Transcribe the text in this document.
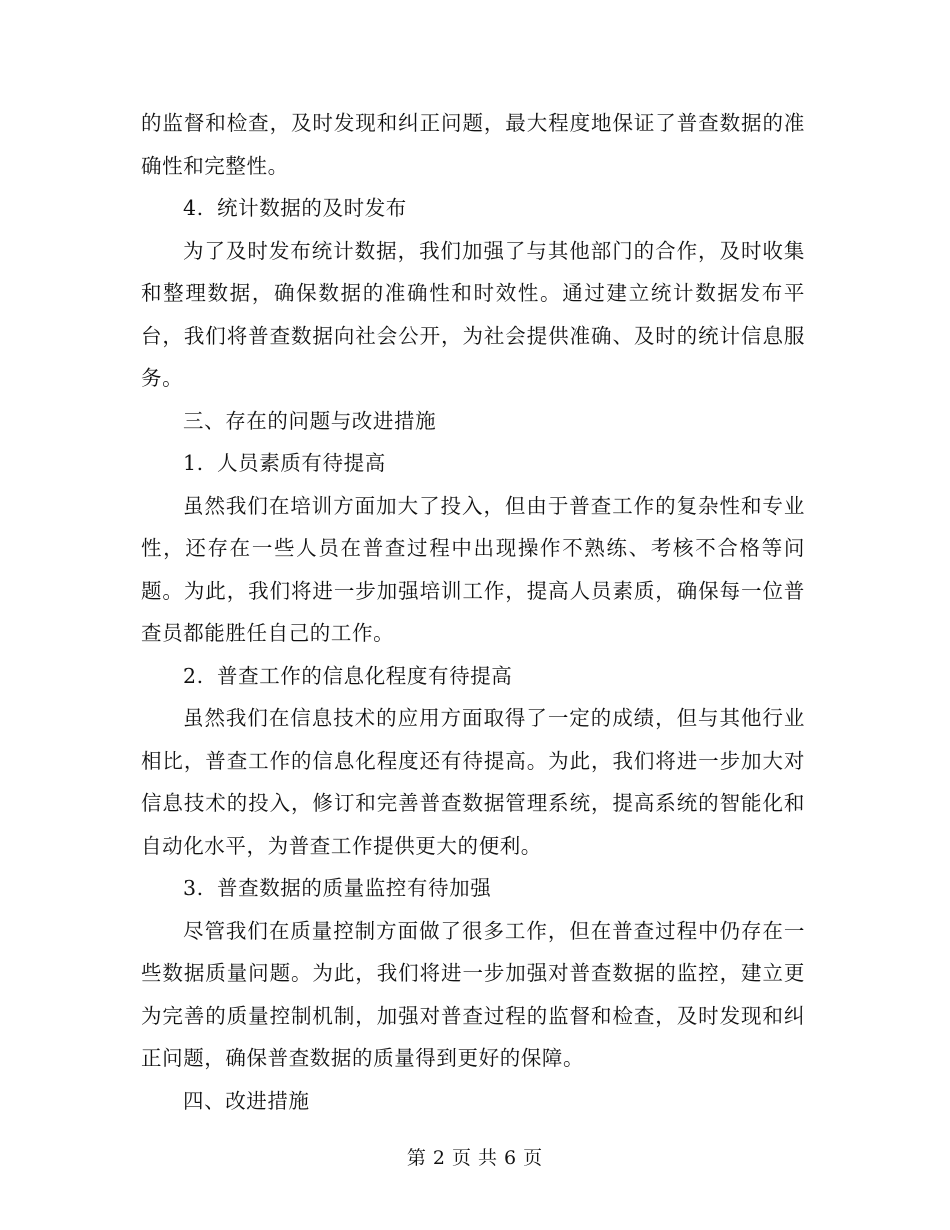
的监督和检查，及时发现和纠正问题，最大程度地保证了普查数据的准确性和完整性。

4. 统计数据的及时发布

为了及时发布统计数据，我们加强了与其他部门的合作，及时收集和整理数据，确保数据的准确性和时效性。通过建立统计数据发布平台，我们将普查数据向社会公开，为社会提供准确、及时的统计信息服务。

三、存在的问题与改进措施

1. 人员素质有待提高

虽然我们在培训方面加大了投入，但由于普查工作的复杂性和专业性，还存在一些人员在普查过程中出现操作不熟练、考核不合格等问题。为此，我们将进一步加强培训工作，提高人员素质，确保每一位普查员都能胜任自己的工作。

2. 普查工作的信息化程度有待提高

虽然我们在信息技术的应用方面取得了一定的成绩，但与其他行业相比，普查工作的信息化程度还有待提高。为此，我们将进一步加大对信息技术的投入，修订和完善普查数据管理系统，提高系统的智能化和自动化水平，为普查工作提供更大的便利。

3. 普查数据的质量监控有待加强

尽管我们在质量控制方面做了很多工作，但在普查过程中仍存在一些数据质量问题。为此，我们将进一步加强对普查数据的监控，建立更为完善的质量控制机制，加强对普查过程的监督和检查，及时发现和纠正问题，确保普查数据的质量得到更好的保障。

四、改进措施

第 2 页 共 6 页
